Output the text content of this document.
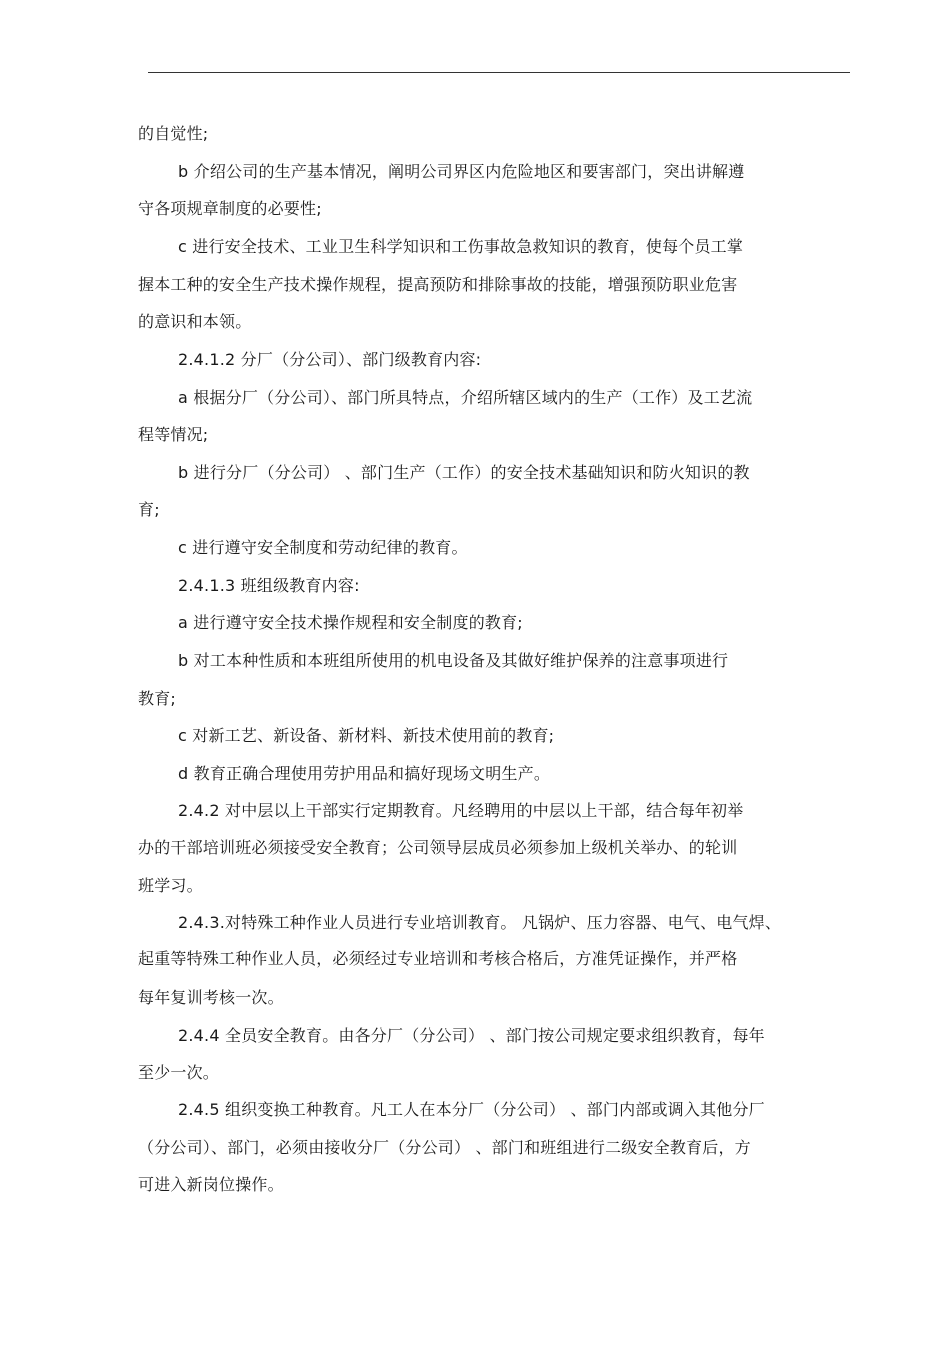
的自觉性;
b 介绍公司的生产基本情况，阐明公司界区内危险地区和要害部门，突出讲解遵
守各项规章制度的必要性;
c 进行安全技术、工业卫生科学知识和工伤事故急救知识的教育，使每个员工掌
握本工种的安全生产技术操作规程，提高预防和排除事故的技能，增强预防职业危害
的意识和本领。
2.4.1.2 分厂（分公司）、部门级教育内容:
a 根据分厂（分公司）、部门所具特点，介绍所辖区域内的生产（工作）及工艺流
程等情况;
b 进行分厂（分公司） 、部门生产（工作）的安全技术基础知识和防火知识的教
育;
c 进行遵守安全制度和劳动纪律的教育。
2.4.1.3 班组级教育内容:
a 进行遵守安全技术操作规程和安全制度的教育;
b 对工本种性质和本班组所使用的机电设备及其做好维护保养的注意事项进行
教育;
c 对新工艺、新设备、新材料、新技术使用前的教育;
d 教育正确合理使用劳护用品和搞好现场文明生产。
2.4.2 对中层以上干部实行定期教育。凡经聘用的中层以上干部，结合每年初举
办的干部培训班必须接受安全教育；公司领导层成员必须参加上级机关举办、的轮训
班学习。
2.4.3.对特殊工种作业人员进行专业培训教育。 凡锅炉、压力容器、电气、电气焊、
起重等特殊工种作业人员，必须经过专业培训和考核合格后，方准凭证操作，并严格
每年复训考核一次。
2.4.4 全员安全教育。由各分厂（分公司） 、部门按公司规定要求组织教育，每年
至少一次。
2.4.5 组织变换工种教育。凡工人在本分厂（分公司） 、部门内部或调入其他分厂
（分公司）、部门，必须由接收分厂（分公司） 、部门和班组进行二级安全教育后，方
可进入新岗位操作。
